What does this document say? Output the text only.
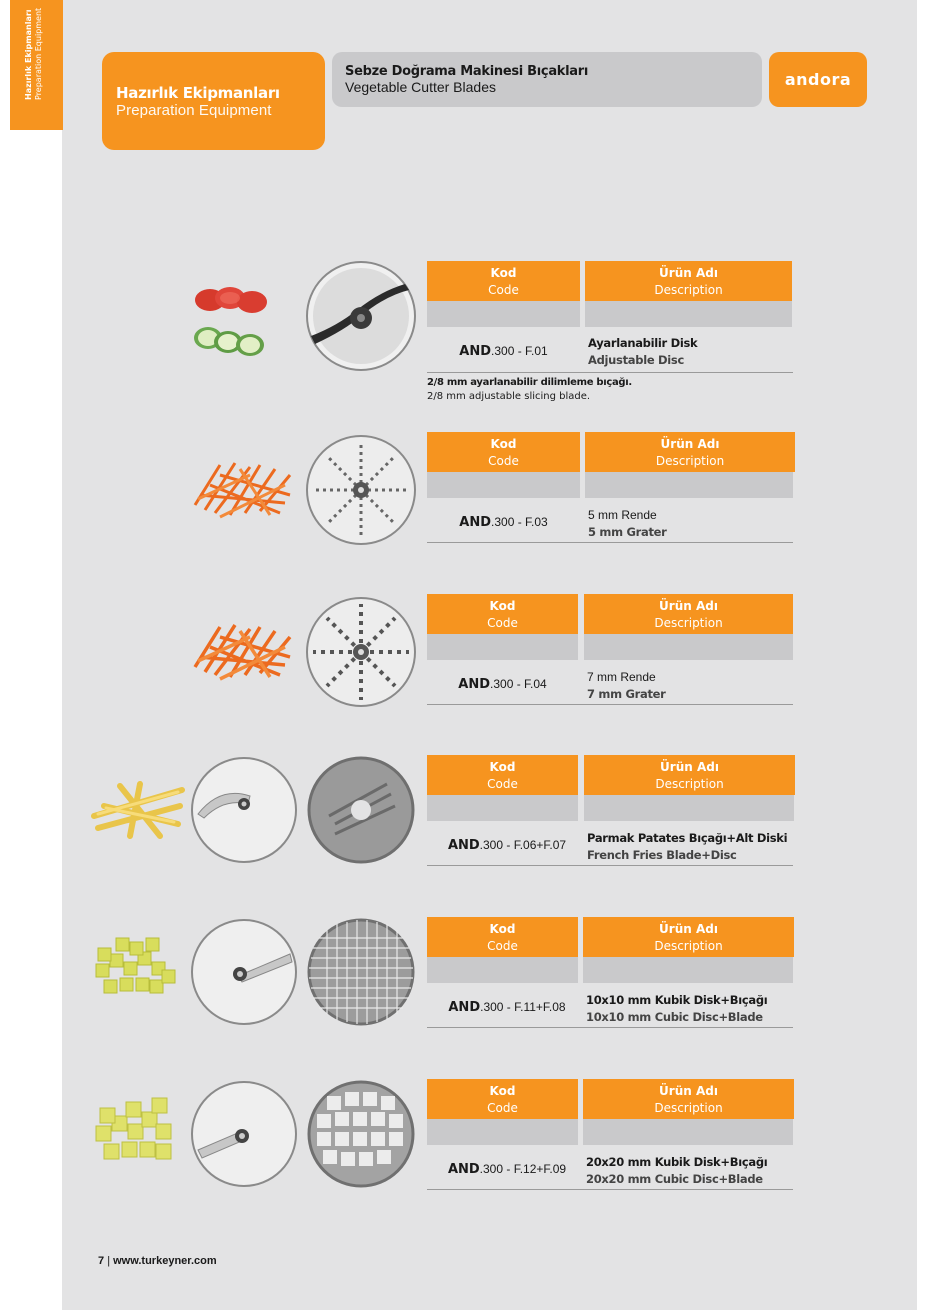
Hazırlık Ekipmanları Preparation Equipment	Hazırlık Ekipmanları
Preparation Equipment
Sebze Doğrama Makinesi Bıçakları
Vegetable Cutter Blades	andora
Kod
Code
Ürün Adı
Description
AND.300 - F.01
Ayarlanabilir Disk
Adjustable Disc
2/8 mm ayarlanabilir dilimleme bıçağı.
2/8 mm adjustable slicing blade.
Kod
Code
Ürün Adı
Description
AND.300 - F.03	5 mm Rende
5 mm Grater
Kod
Code
Ürün Adı
Description
AND.300 - F.04	7 mm Rende
7 mm Grater
Kod
Code
Ürün Adı
Description
AND.300 - F.06+F.07	Parmak Patates Bıçağı+Alt Diski
French Fries Blade+Disc
Kod
Code
Ürün Adı
Description
AND.300 - F.11+F.08	10x10 mm Kubik Disk+Bıçağı
10x10 mm Cubic Disc+Blade
Kod
Code
Ürün Adı
Description
AND.300 - F.12+F.09	20x20 mm Kubik Disk+Bıçağı
20x20 mm Cubic Disc+Blade
7 | www.turkeyner.com
